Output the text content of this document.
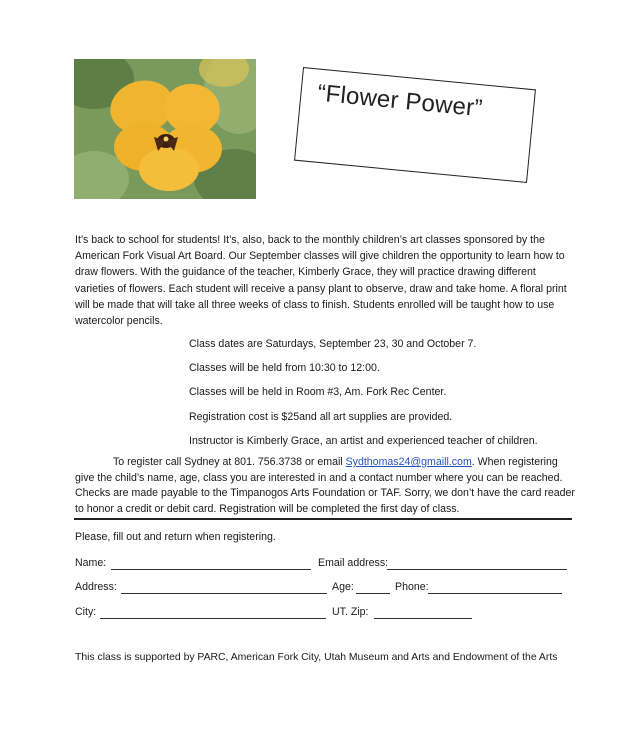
“Flower Power”
It’s back to school for students! It’s, also, back to the monthly children’s art classes sponsored by the American Fork Visual Art Board. Our September classes will give children the opportunity to learn how to draw flowers. With the guidance of the teacher, Kimberly Grace, they will practice drawing different varieties of flowers. Each student will receive a pansy plant to observe, draw and take home. A floral print will be made that will take all three weeks of class to finish. Students enrolled will be taught how to use watercolor pencils.
Class dates are Saturdays, September 23, 30 and October 7.
Classes will be held from 10:30 to 12:00.
Classes will be held in Room #3, Am. Fork Rec Center.
Registration cost is $25and all art supplies are provided.
Instructor is Kimberly Grace, an artist and experienced teacher of children.
To register call Sydney at 801. 756.3738 or email Sydthomas24@gmaill.com. When registering give the child’s name, age, class you are interested in and a contact number where you can be reached. Checks are made payable to the Timpanogos Arts Foundation or TAF. Sorry, we don’t have the card reader to honor a credit or debit card. Registration will be completed the first day of class.
Please, fill out and return when registering.
Name:	Email address:
Address:	Age:	Phone:
City:	UT. Zip:
This class is supported by PARC, American Fork City, Utah Museum and Arts and Endowment of the Arts
